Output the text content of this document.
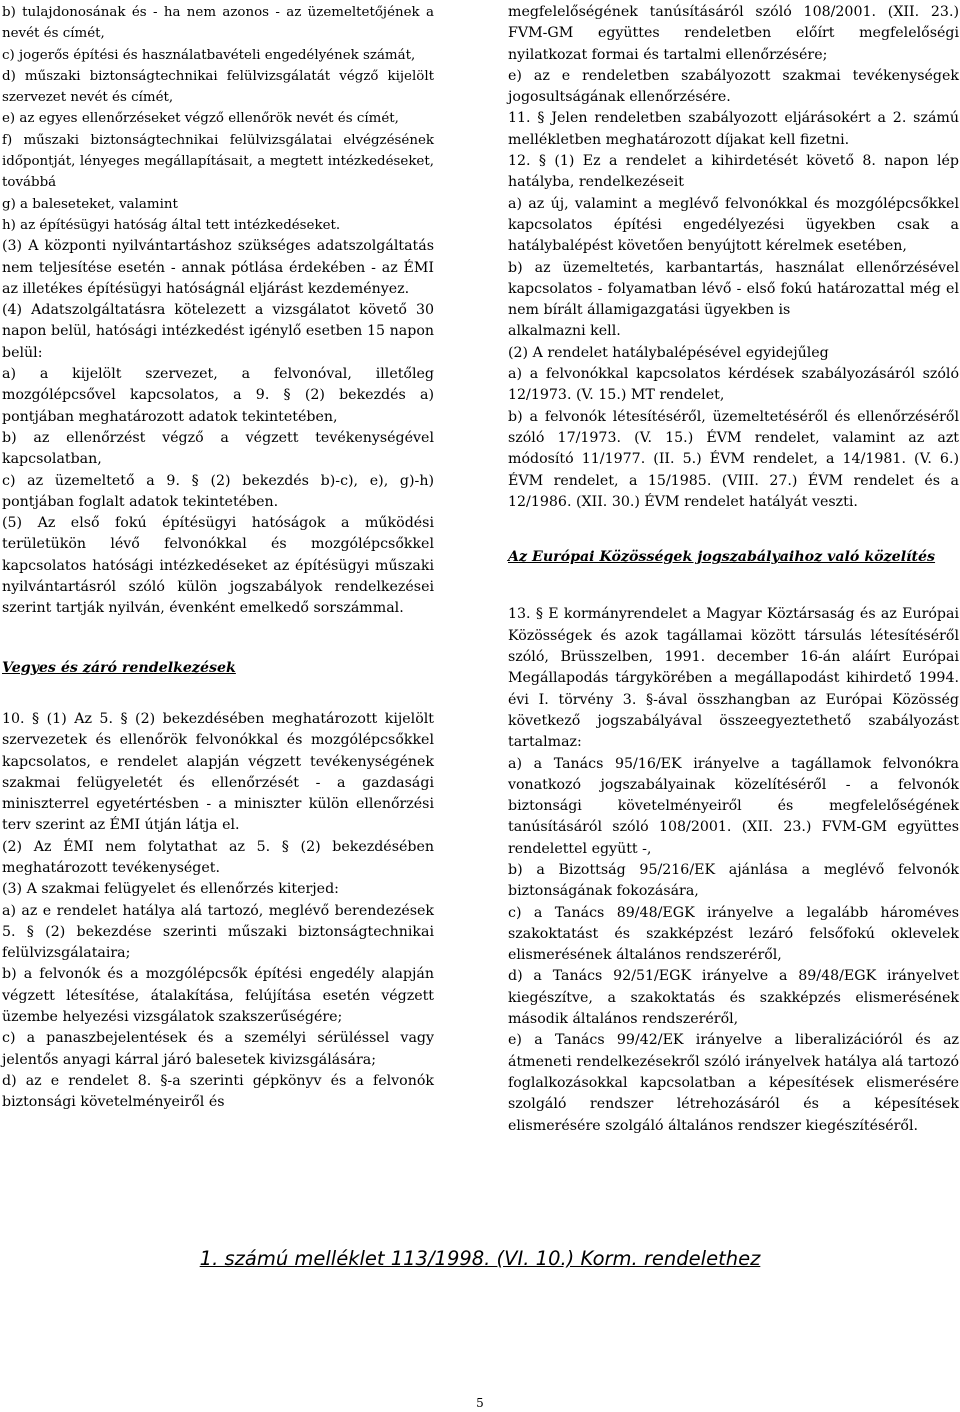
b) tulajdonosának és - ha nem azonos - az üzemeltetőjének a nevét és címét,

c) jogerős építési és használatbavételi engedélyének számát,

d) műszaki biztonságtechnikai felülvizsgálatát végző kijelölt szervezet nevét és címét,

e) az egyes ellenőrzéseket végző ellenőrök nevét és címét,

f) műszaki biztonságtechnikai felülvizsgálatai elvégzésének időpontját, lényeges megállapításait, a megtett intézkedéseket, továbbá

g) a baleseteket, valamint

h) az építésügyi hatóság által tett intézkedéseket.

(3) A központi nyilvántartáshoz szükséges adatszolgáltatás nem teljesítése esetén - annak pótlása érdekében - az ÉMI az illetékes építésügyi hatóságnál eljárást kezdeményez.

(4) Adatszolgáltatásra kötelezett a vizsgálatot követő 30 napon belül, hatósági intézkedést igénylő esetben 15 napon belül:

a) a kijelölt szervezet, a felvonóval, illetőleg mozgólépcsővel kapcsolatos, a 9. § (2) bekezdés a) pontjában meghatározott adatok tekintetében,

b) az ellenőrzést végző a végzett tevékenységével kapcsolatban,

c) az üzemeltető a 9. § (2) bekezdés b)-c), e), g)-h) pontjában foglalt adatok tekintetében.

(5) Az első fokú építésügyi hatóságok a működési területükön lévő felvonókkal és mozgólépcsőkkel kapcsolatos hatósági intézkedéseket az építésügyi műszaki nyilvántartásról szóló külön jogszabályok rendelkezései szerint tartják nyilván, évenként emelkedő sorszámmal.

Vegyes és záró rendelkezések

10. § (1) Az 5. § (2) bekezdésében meghatározott kijelölt szervezetek és ellenőrök felvonókkal és mozgólépcsőkkel kapcsolatos, e rendelet alapján végzett tevékenységének szakmai felügyeletét és ellenőrzését - a gazdasági miniszterrel egyetértésben - a miniszter külön ellenőrzési terv szerint az ÉMI útján látja el.

(2) Az ÉMI nem folytathat az 5. § (2) bekezdésében meghatározott tevékenységet.

(3) A szakmai felügyelet és ellenőrzés kiterjed:

a) az e rendelet hatálya alá tartozó, meglévő berendezések 5. § (2) bekezdése szerinti műszaki biztonságtechnikai felülvizsgálataira;

b) a felvonók és a mozgólépcsők építési engedély alapján végzett létesítése, átalakítása, felújítása esetén végzett üzembe helyezési vizsgálatok szakszerűségére;

c) a panaszbejelentések és a személyi sérüléssel vagy jelentős anyagi kárral járó balesetek kivizsgálására;

d) az e rendelet 8. §-a szerinti gépkönyv és a felvonók biztonsági követelményeiről és

megfelelőségének tanúsításáról szóló 108/2001. (XII. 23.) FVM-GM együttes rendeletben előírt megfelelőségi nyilatkozat formai és tartalmi ellenőrzésére;

e) az e rendeletben szabályozott szakmai tevékenységek jogosultságának ellenőrzésére.

11. § Jelen rendeletben szabályozott eljárásokért a 2. számú mellékletben meghatározott díjakat kell fizetni.

12. § (1) Ez a rendelet a kihirdetését követő 8. napon lép hatályba, rendelkezéseit

a) az új, valamint a meglévő felvonókkal és mozgólépcsőkkel kapcsolatos építési engedélyezési ügyekben csak a hatálybalépést követően benyújtott kérelmek esetében,

b) az üzemeltetés, karbantartás, használat ellenőrzésével kapcsolatos - folyamatban lévő - első fokú határozattal még el nem bírált államigazgatási ügyekben is

alkalmazni kell.

(2) A rendelet hatálybalépésével egyidejűleg

a) a felvonókkal kapcsolatos kérdések szabályozásáról szóló 12/1973. (V. 15.) MT rendelet,

b) a felvonók létesítéséről, üzemeltetéséről és ellenőrzéséről szóló 17/1973. (V. 15.) ÉVM rendelet, valamint az azt módosító 11/1977. (II. 5.) ÉVM rendelet, a 14/1981. (V. 6.) ÉVM rendelet, a 15/1985. (VIII. 27.) ÉVM rendelet és a 12/1986. (XII. 30.) ÉVM rendelet hatályát veszti.

Az Európai Közösségek jogszabályaihoz való közelítés

13. § E kormányrendelet a Magyar Köztársaság és az Európai Közösségek és azok tagállamai között társulás létesítéséről szóló, Brüsszelben, 1991. december 16-án aláírt Európai Megállapodás tárgykörében a megállapodást kihirdető 1994. évi I. törvény 3. §-ával összhangban az Európai Közösség következő jogszabályával összeegyeztethető szabályozást tartalmaz:

a) a Tanács 95/16/EK irányelve a tagállamok felvonókra vonatkozó jogszabályainak közelítéséről - a felvonók biztonsági követelményeiről és megfelelőségének tanúsításáról szóló 108/2001. (XII. 23.) FVM-GM együttes rendelettel együtt -,

b) a Bizottság 95/216/EK ajánlása a meglévő felvonók biztonságának fokozására,

c) a Tanács 89/48/EGK irányelve a legalább hároméves szakoktatást és szakképzést lezáró felsőfokú oklevelek elismerésének általános rendszeréről,

d) a Tanács 92/51/EGK irányelve a 89/48/EGK irányelvet kiegészítve, a szakoktatás és szakképzés elismerésének második általános rendszeréről,

e) a Tanács 99/42/EK irányelve a liberalizációról és az átmeneti rendelkezésekről szóló irányelvek hatálya alá tartozó foglalkozásokkal kapcsolatban a képesítések elismerésére szolgáló rendszer létrehozásáról és a képesítések elismerésére szolgáló általános rendszer kiegészítéséről.

1. számú melléklet 113/1998. (VI. 10.) Korm. rendelethez
5
